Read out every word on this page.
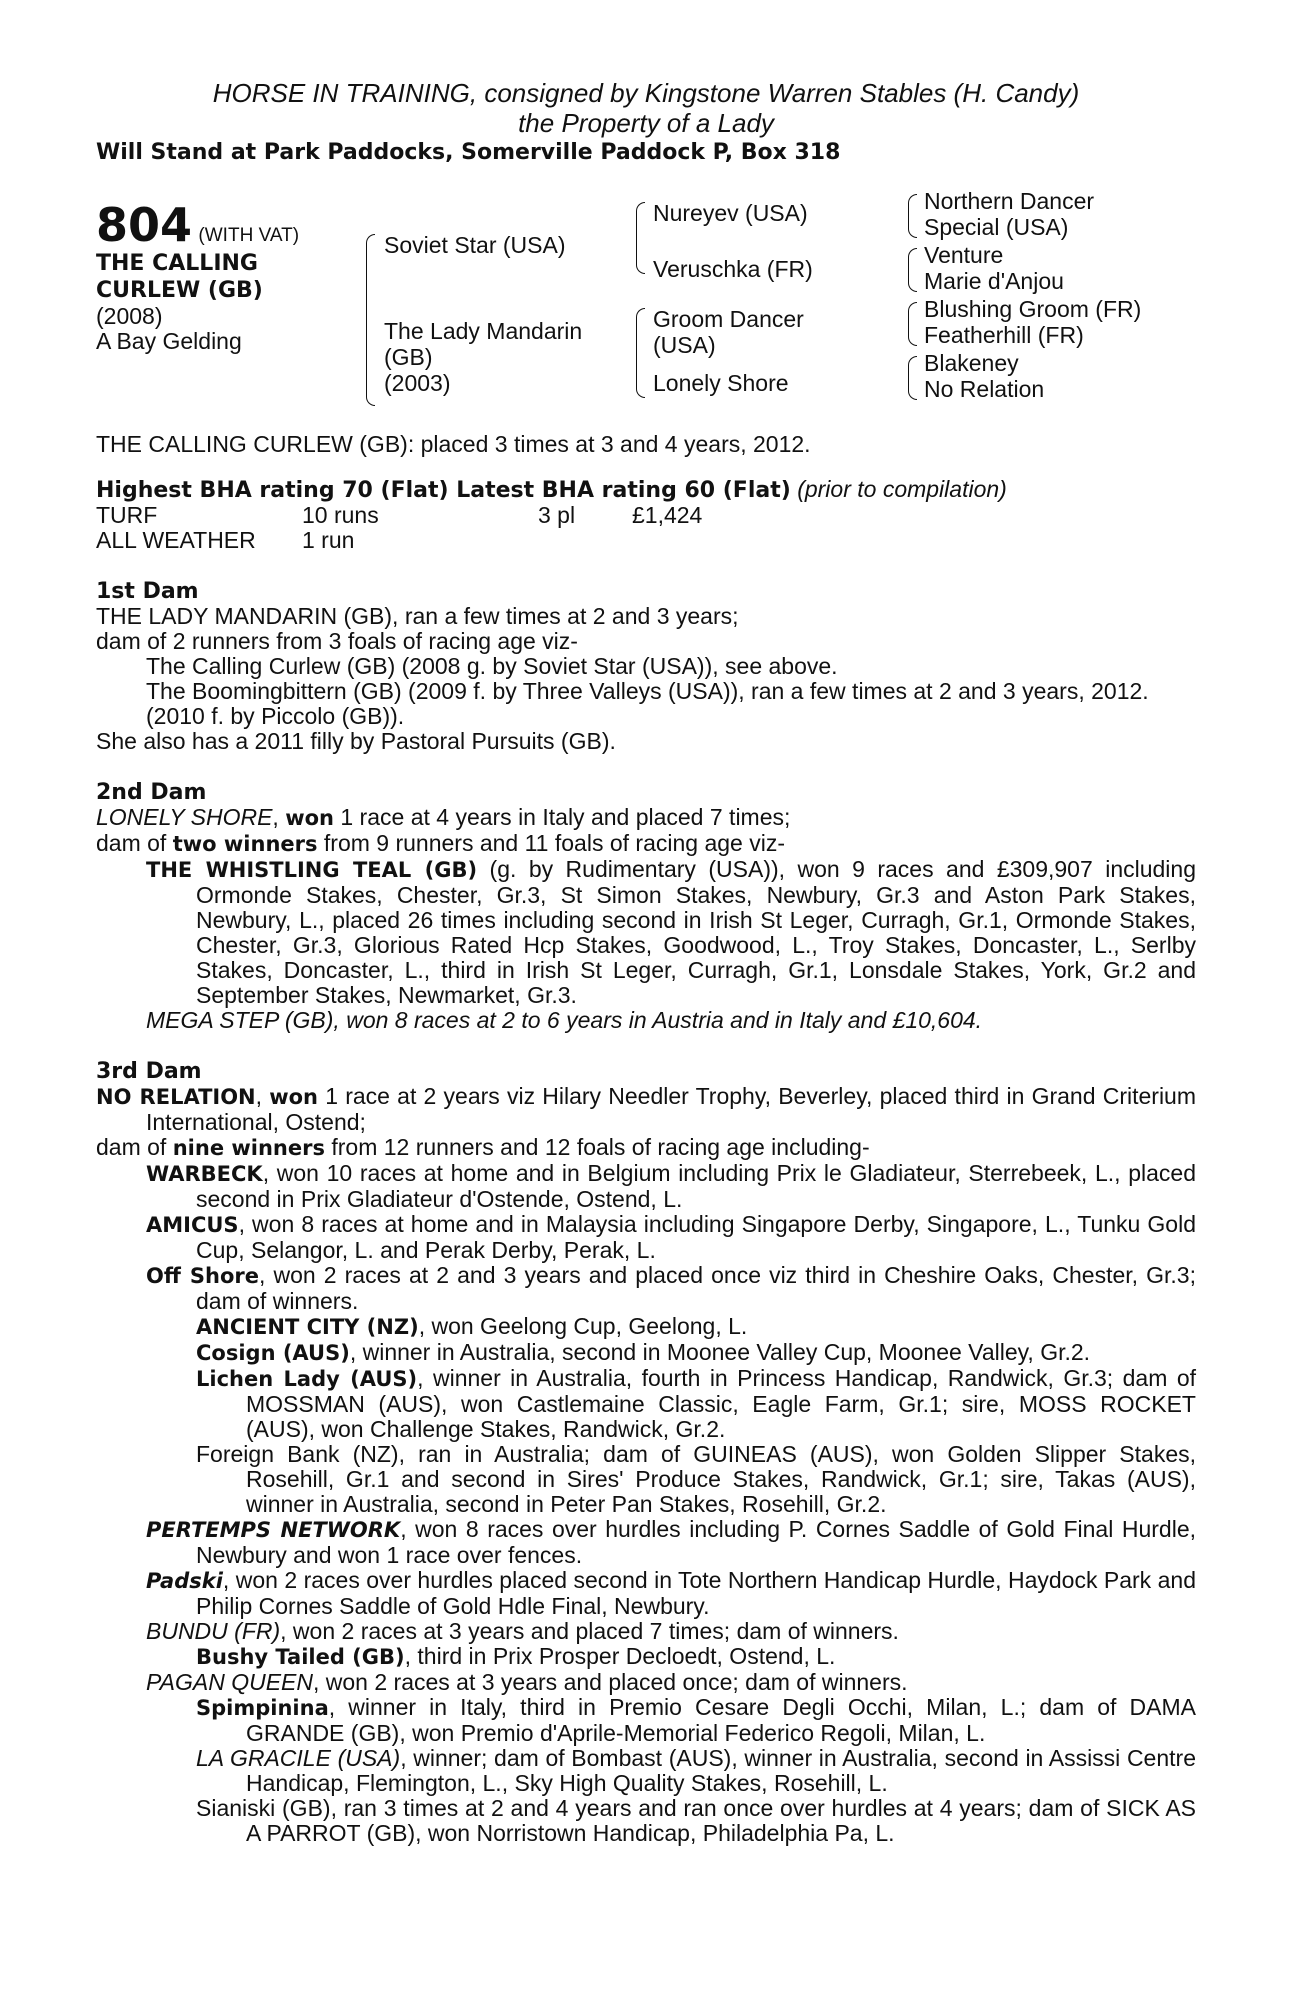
HORSE IN TRAINING, consigned by Kingstone Warren Stables (H. Candy)
the Property of a Lady
Will Stand at Park Paddocks, Somerville Paddock P, Box 318
804 (WITH VAT)
THE CALLING
CURLEW (GB)
(2008)
A Bay Gelding
Soviet Star (USA)
The Lady Mandarin
(GB)
(2003)
Nureyev (USA)
Veruschka (FR)
Groom Dancer
(USA)
Lonely Shore
Northern Dancer
Special (USA)
Venture
Marie d'Anjou
Blushing Groom (FR)
Featherhill (FR)
Blakeney
No Relation
THE CALLING CURLEW (GB): placed 3 times at 3 and 4 years, 2012.
Highest BHA rating 70 (Flat) Latest BHA rating 60 (Flat) (prior to compilation)
TURF	10 runs	3 pl £1,424
ALL WEATHER 1 run
1st Dam
THE LADY MANDARIN (GB), ran a few times at 2 and 3 years;
dam of 2 runners from 3 foals of racing age viz-
The Calling Curlew (GB) (2008 g. by Soviet Star (USA)), see above.
The Boomingbittern (GB) (2009 f. by Three Valleys (USA)), ran a few times at 2 and 3 years, 2012.
(2010 f. by Piccolo (GB)).
She also has a 2011 filly by Pastoral Pursuits (GB).
2nd Dam
LONELY SHORE, won 1 race at 4 years in Italy and placed 7 times;
dam of two winners from 9 runners and 11 foals of racing age viz-
THE WHISTLING TEAL (GB) (g. by Rudimentary (USA)), won 9 races and £309,907 including Ormonde Stakes, Chester, Gr.3, St Simon Stakes, Newbury, Gr.3 and Aston Park Stakes, Newbury, L., placed 26 times including second in Irish St Leger, Curragh, Gr.1, Ormonde Stakes, Chester, Gr.3, Glorious Rated Hcp Stakes, Goodwood, L., Troy Stakes, Doncaster, L., Serlby Stakes, Doncaster, L., third in Irish St Leger, Curragh, Gr.1, Lonsdale Stakes, York, Gr.2 and September Stakes, Newmarket, Gr.3.
MEGA STEP (GB), won 8 races at 2 to 6 years in Austria and in Italy and £10,604.
3rd Dam
NO RELATION, won 1 race at 2 years viz Hilary Needler Trophy, Beverley, placed third in Grand Criterium International, Ostend;
dam of nine winners from 12 runners and 12 foals of racing age including-
WARBECK, won 10 races at home and in Belgium including Prix le Gladiateur, Sterrebeek, L., placed second in Prix Gladiateur d'Ostende, Ostend, L.
AMICUS, won 8 races at home and in Malaysia including Singapore Derby, Singapore, L., Tunku Gold Cup, Selangor, L. and Perak Derby, Perak, L.
Off Shore, won 2 races at 2 and 3 years and placed once viz third in Cheshire Oaks, Chester, Gr.3; dam of winners.
ANCIENT CITY (NZ), won Geelong Cup, Geelong, L.
Cosign (AUS), winner in Australia, second in Moonee Valley Cup, Moonee Valley, Gr.2.
Lichen Lady (AUS), winner in Australia, fourth in Princess Handicap, Randwick, Gr.3; dam of MOSSMAN (AUS), won Castlemaine Classic, Eagle Farm, Gr.1; sire, MOSS ROCKET (AUS), won Challenge Stakes, Randwick, Gr.2.
Foreign Bank (NZ), ran in Australia; dam of GUINEAS (AUS), won Golden Slipper Stakes, Rosehill, Gr.1 and second in Sires' Produce Stakes, Randwick, Gr.1; sire, Takas (AUS), winner in Australia, second in Peter Pan Stakes, Rosehill, Gr.2.
PERTEMPS NETWORK, won 8 races over hurdles including P. Cornes Saddle of Gold Final Hurdle, Newbury and won 1 race over fences.
Padski, won 2 races over hurdles placed second in Tote Northern Handicap Hurdle, Haydock Park and Philip Cornes Saddle of Gold Hdle Final, Newbury.
BUNDU (FR), won 2 races at 3 years and placed 7 times; dam of winners.
Bushy Tailed (GB), third in Prix Prosper Decloedt, Ostend, L.
PAGAN QUEEN, won 2 races at 3 years and placed once; dam of winners.
Spimpinina, winner in Italy, third in Premio Cesare Degli Occhi, Milan, L.; dam of DAMA GRANDE (GB), won Premio d'Aprile-Memorial Federico Regoli, Milan, L.
LA GRACILE (USA), winner; dam of Bombast (AUS), winner in Australia, second in Assissi Centre Handicap, Flemington, L., Sky High Quality Stakes, Rosehill, L.
Sianiski (GB), ran 3 times at 2 and 4 years and ran once over hurdles at 4 years; dam of SICK AS A PARROT (GB), won Norristown Handicap, Philadelphia Pa, L.
